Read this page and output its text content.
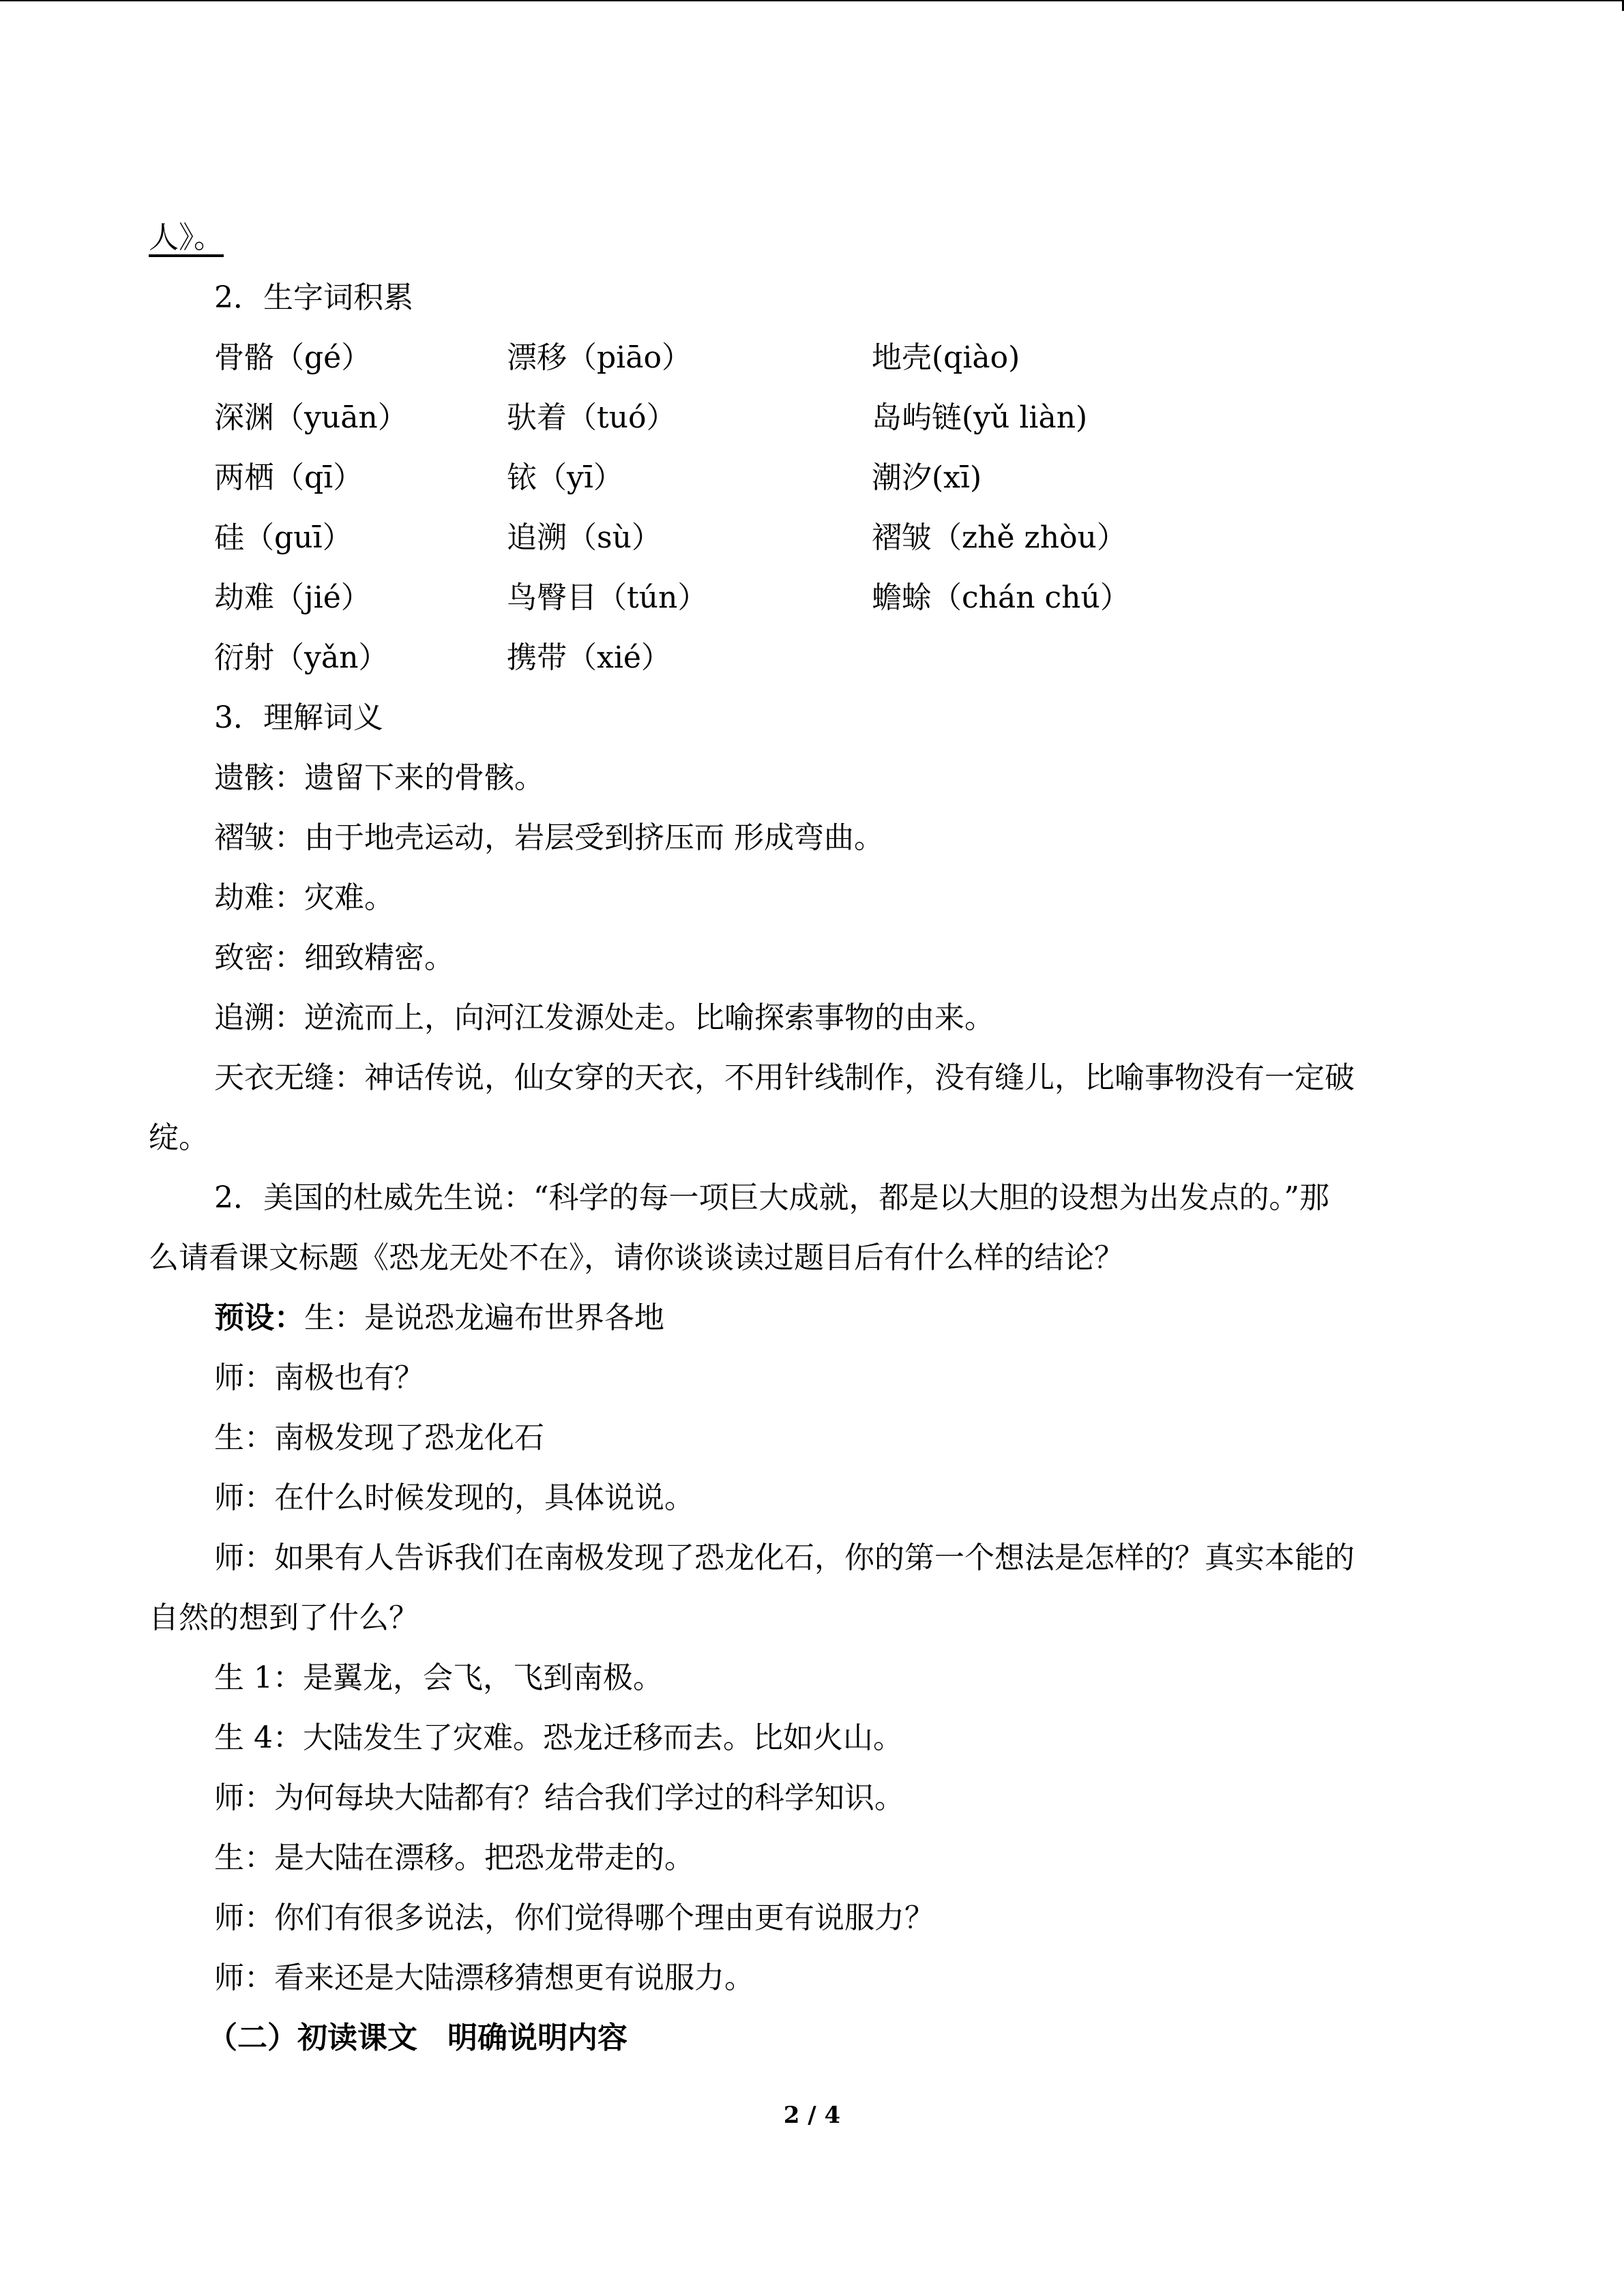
人》。
2．生字词积累
骨骼（gé）	漂移（piāo）	地壳(qiào)
深渊（yuān）	驮着（tuó）	岛屿链(yǔ liàn)
两栖（qī）	铱（yī）	潮汐(xī)
硅（guī）	追溯（sù）	褶皱（zhě zhòu）
劫难（jié）	鸟臀目（tún）	蟾蜍（chán chú）
衍射（yǎn）	携带（xié）
3．理解词义
遗骸：遗留下来的骨骸。
褶皱：由于地壳运动，岩层受到挤压而 形成弯曲。
劫难：灾难。
致密：细致精密。
追溯：逆流而上，向河江发源处走。比喻探索事物的由来。
天衣无缝：神话传说，仙女穿的天衣，不用针线制作，没有缝儿，比喻事物没有一定破
绽。
2．美国的杜威先生说：“科学的每一项巨大成就，都是以大胆的设想为出发点的。”那
么请看课文标题《恐龙无处不在》，请你谈谈读过题目后有什么样的结论？
预设：生：是说恐龙遍布世界各地
师：南极也有？
生：南极发现了恐龙化石
师：在什么时候发现的，具体说说。
师：如果有人告诉我们在南极发现了恐龙化石，你的第一个想法是怎样的？真实本能的
自然的想到了什么？
生 1：是翼龙，会飞，飞到南极。
生 4：大陆发生了灾难。恐龙迁移而去。比如火山。
师：为何每块大陆都有？结合我们学过的科学知识。
生：是大陆在漂移。把恐龙带走的。
师：你们有很多说法，你们觉得哪个理由更有说服力？
师：看来还是大陆漂移猜想更有说服力。
（二）初读课文　明确说明内容
2 / 4
